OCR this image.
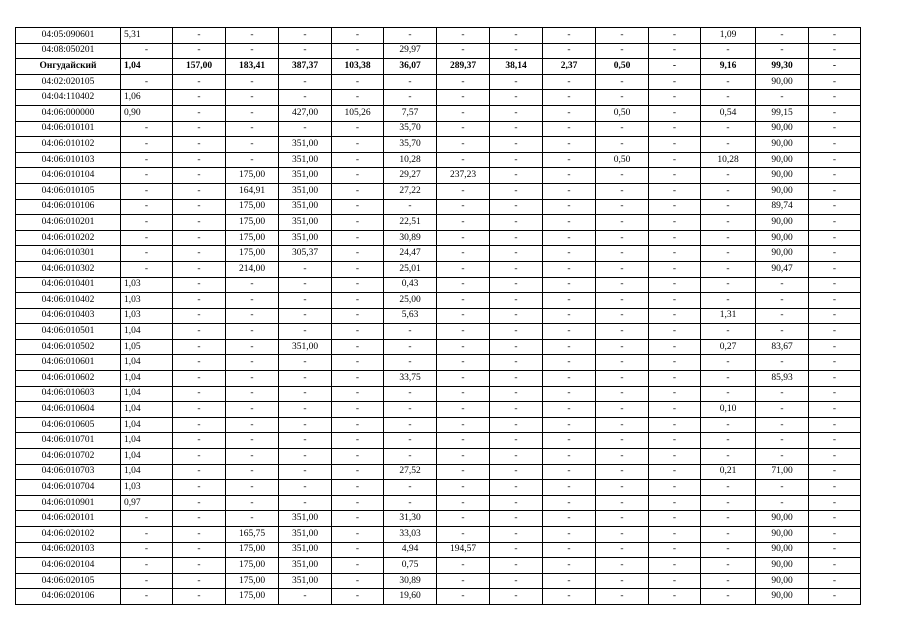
04:05:090601	5,31	-	-	-	-	-	-	-	-	-	-	1,09	-	-
04:08:050201	-	-	-	-	-	29,97	-	-	-	-	-	-	-	-
Онгудайский	1,04	157,00	183,41	387,37	103,38	36,07	289,37	38,14	2,37	0,50	-	9,16	99,30	-
04:02:020105	-	-	-	-	-	-	-	-	-	-	-	-	90,00	-
04:04:110402	1,06	-	-	-	-	-	-	-	-	-	-	-	-	-
04:06:000000	0,90	-	-	427,00	105,26	7,57	-	-	-	0,50	-	0,54	99,15	-
04:06:010101	-	-	-	-	-	35,70	-	-	-	-	-	-	90,00	-
04:06:010102	-	-	-	351,00	-	35,70	-	-	-	-	-	-	90,00	-
04:06:010103	-	-	-	351,00	-	10,28	-	-	-	0,50	-	10,28	90,00	-
04:06:010104	-	-	175,00	351,00	-	29,27	237,23	-	-	-	-	-	90,00	-
04:06:010105	-	-	164,91	351,00	-	27,22	-	-	-	-	-	-	90,00	-
04:06:010106	-	-	175,00	351,00	-	-	-	-	-	-	-	-	89,74	-
04:06:010201	-	-	175,00	351,00	-	22,51	-	-	-	-	-	-	90,00	-
04:06:010202	-	-	175,00	351,00	-	30,89	-	-	-	-	-	-	90,00	-
04:06:010301	-	-	175,00	305,37	-	24,47	-	-	-	-	-	-	90,00	-
04:06:010302	-	-	214,00	-	-	25,01	-	-	-	-	-	-	90,47	-
04:06:010401	1,03	-	-	-	-	0,43	-	-	-	-	-	-	-	-
04:06:010402	1,03	-	-	-	-	25,00	-	-	-	-	-	-	-	-
04:06:010403	1,03	-	-	-	-	5,63	-	-	-	-	-	1,31	-	-
04:06:010501	1,04	-	-	-	-	-	-	-	-	-	-	-	-	-
04:06:010502	1,05	-	-	351,00	-	-	-	-	-	-	-	0,27	83,67	-
04:06:010601	1,04	-	-	-	-	-	-	-	-	-	-	-	-	-
04:06:010602	1,04	-	-	-	-	33,75	-	-	-	-	-	-	85,93	-
04:06:010603	1,04	-	-	-	-	-	-	-	-	-	-	-	-	-
04:06:010604	1,04	-	-	-	-	-	-	-	-	-	-	0,10	-	-
04:06:010605	1,04	-	-	-	-	-	-	-	-	-	-	-	-	-
04:06:010701	1,04	-	-	-	-	-	-	-	-	-	-	-	-	-
04:06:010702	1,04	-	-	-	-	-	-	-	-	-	-	-	-	-
04:06:010703	1,04	-	-	-	-	27,52	-	-	-	-	-	0,21	71,00	-
04:06:010704	1,03	-	-	-	-	-	-	-	-	-	-	-	-	-
04:06:010901	0,97	-	-	-	-	-	-	-	-	-	-	-	-	-
04:06:020101	-	-	-	351,00	-	31,30	-	-	-	-	-	-	90,00	-
04:06:020102	-	-	165,75	351,00	-	33,03	-	-	-	-	-	-	90,00	-
04:06:020103	-	-	175,00	351,00	-	4,94	194,57	-	-	-	-	-	90,00	-
04:06:020104	-	-	175,00	351,00	-	0,75	-	-	-	-	-	-	90,00	-
04:06:020105	-	-	175,00	351,00	-	30,89	-	-	-	-	-	-	90,00	-
04:06:020106	-	-	175,00	-	-	19,60	-	-	-	-	-	-	90,00	-
